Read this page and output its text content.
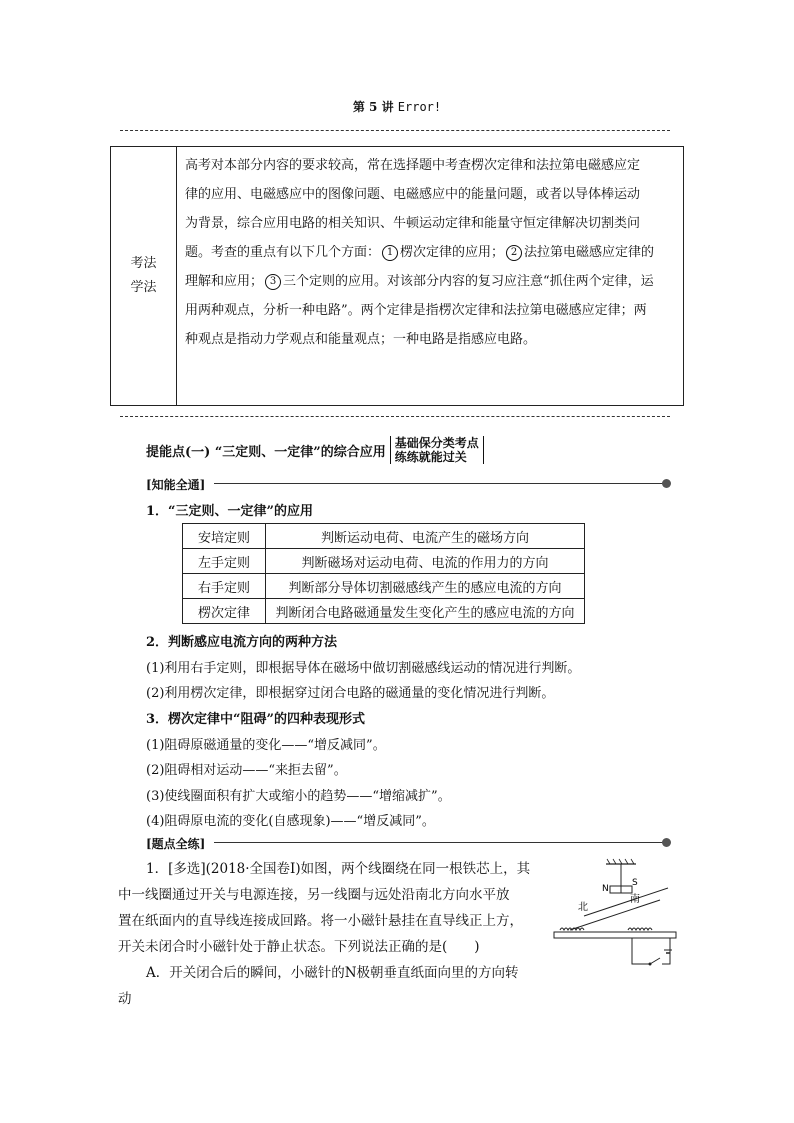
第 5 讲 Error!
考法
学法
高考对本部分内容的要求较高，常在选择题中考查楞次定律和法拉第电磁感应定
律的应用、电磁感应中的图像问题、电磁感应中的能量问题，或者以导体棒运动
为背景，综合应用电路的相关知识、牛顿运动定律和能量守恒定律解决切割类问
题。考查的重点有以下几个方面： 1 楞次定律的应用； 2 法拉第电磁感应定律的
理解和应用； 3 三个定则的应用。对该部分内容的复习应注意“抓住两个定律，运
用两种观点，分析一种电路”。两个定律是指楞次定律和法拉第电磁感应定律；两
种观点是指动力学观点和能量观点；一种电路是指感应电路。
提能点(一) “三定则、一定律”的综合应用
基础保分类考点
练练就能过关
[知能全通]
1．“三定则、一定律”的应用
安培定则	判断运动电荷、电流产生的磁场方向
左手定则	判断磁场对运动电荷、电流的作用力的方向
右手定则	判断部分导体切割磁感线产生的感应电流的方向
楞次定律	判断闭合电路磁通量发生变化产生的感应电流的方向
2．判断感应电流方向的两种方法
(1)利用右手定则，即根据导体在磁场中做切割磁感线运动的情况进行判断。
(2)利用楞次定律，即根据穿过闭合电路的磁通量的变化情况进行判断。
3．楞次定律中“阻碍”的四种表现形式
(1)阻碍原磁通量的变化——“增反减同”。
(2)阻碍相对运动——“来拒去留”。
(3)使线圈面积有扩大或缩小的趋势——“增缩减扩”。
(4)阻碍原电流的变化(自感现象)——“增反减同”。
[题点全练]
1．[多选](2018·全国卷Ⅰ)如图，两个线圈绕在同一根铁芯上，其
中一线圈通过开关与电源连接，另一线圈与远处沿南北方向水平放
置在纸面内的直导线连接成回路。将一小磁针悬挂在直导线正上方，
开关未闭合时小磁针处于静止状态。下列说法正确的是(　　)
A．开关闭合后的瞬间，小磁针的N极朝垂直纸面向里的方向转
动
N
S
北
南
